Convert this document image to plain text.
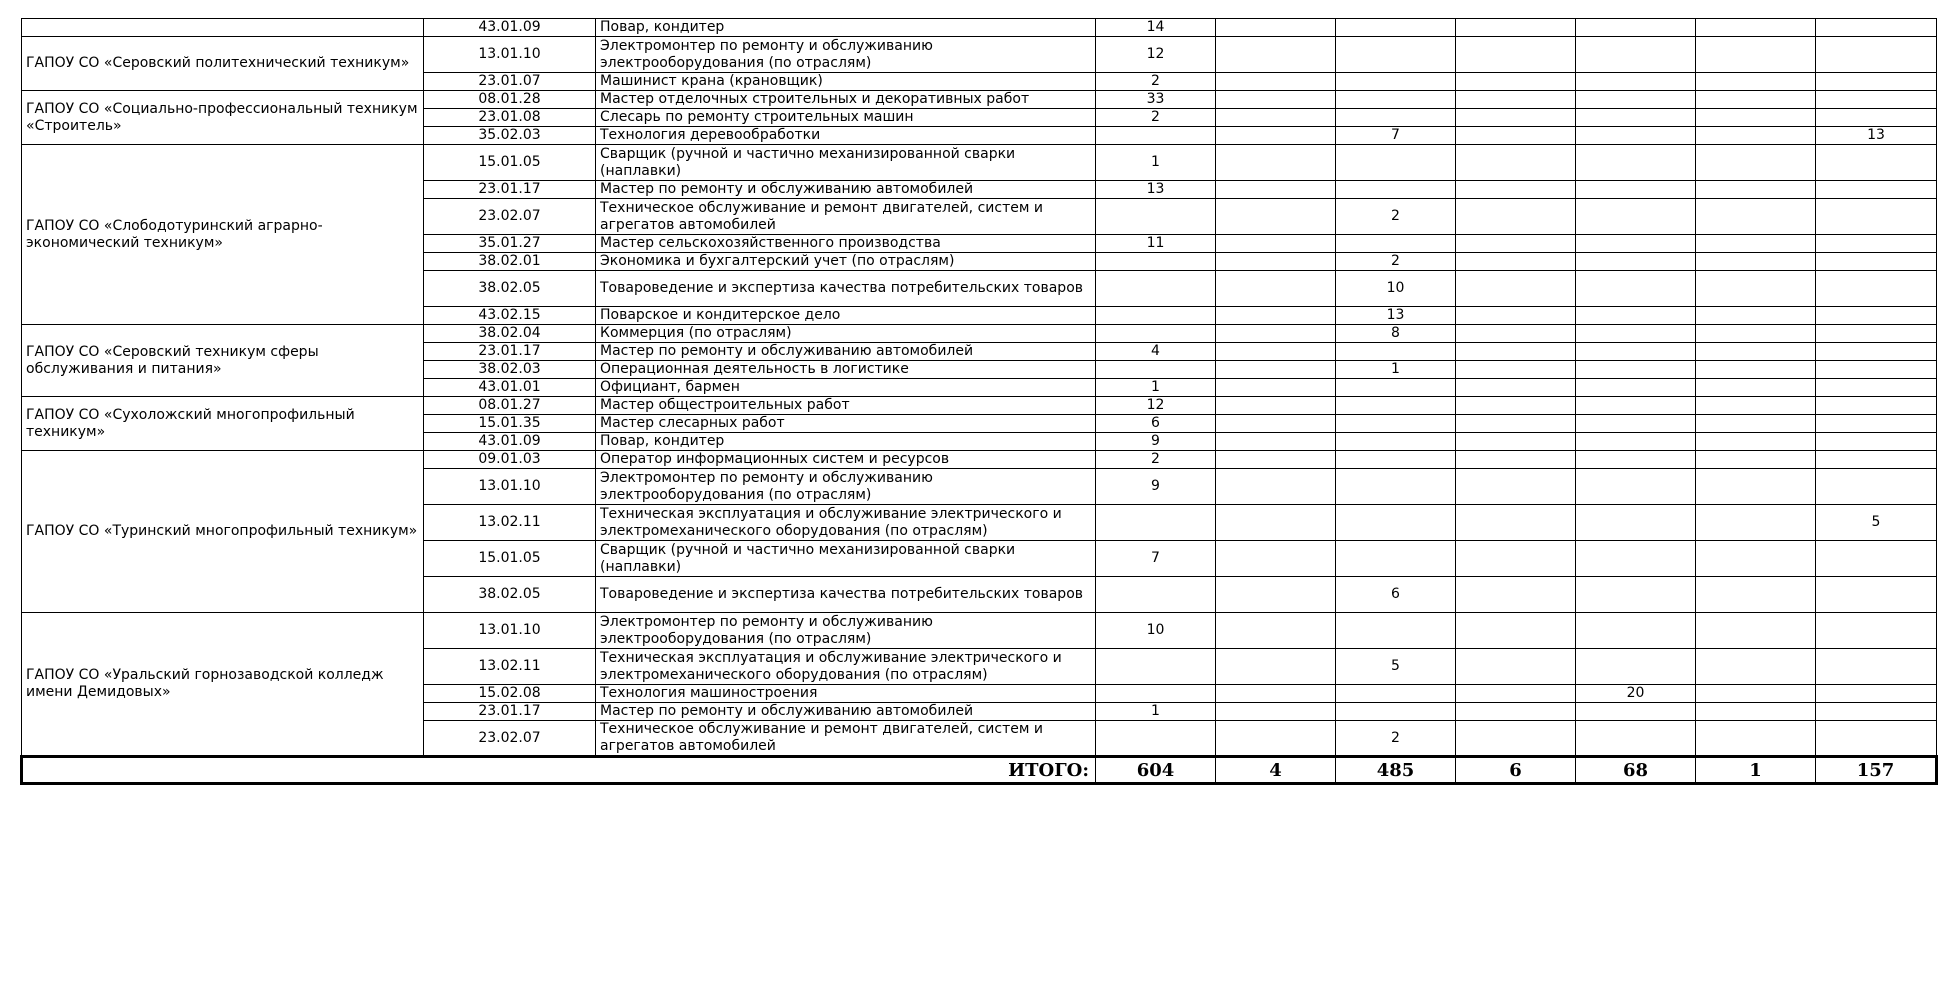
	43.01.09	Повар, кондитер	14						
ГАПОУ СО «Серовский политехнический техникум»	13.01.10	Электромонтер по ремонту и обслуживанию электрооборудования (по отраслям)	12						
	23.01.07	Машинист крана (крановщик)	2						
ГАПОУ СО «Социально-профессиональный техникум «Строитель»	08.01.28	Мастер отделочных строительных и декоративных работ	33						
	23.01.08	Слесарь по ремонту строительных машин	2						
	35.02.03	Технология деревообработки			7				13
ГАПОУ СО «Слободотуринский аграрно-экономический техникум»	15.01.05	Сварщик (ручной и частично механизированной сварки (наплавки)	1						
	23.01.17	Мастер по ремонту и обслуживанию автомобилей	13						
	23.02.07	Техническое обслуживание и ремонт двигателей, систем и агрегатов автомобилей			2				
	35.01.27	Мастер сельскохозяйственного производства	11						
	38.02.01	Экономика и бухгалтерский учет (по отраслям)			2				
	38.02.05	Товароведение и экспертиза качества потребительских товаров			10				
	43.02.15	Поварское и кондитерское дело			13				
ГАПОУ СО «Серовский техникум сферы обслуживания и питания»	38.02.04	Коммерция (по отраслям)			8				
	23.01.17	Мастер по ремонту и обслуживанию автомобилей	4						
	38.02.03	Операционная деятельность в логистике			1				
	43.01.01	Официант, бармен	1						
ГАПОУ СО «Сухоложский многопрофильный техникум»	08.01.27	Мастер общестроительных работ	12						
	15.01.35	Мастер слесарных работ	6						
	43.01.09	Повар, кондитер	9						
ГАПОУ СО «Туринский многопрофильный техникум»	09.01.03	Оператор информационных систем и ресурсов	2						
	13.01.10	Электромонтер по ремонту и обслуживанию электрооборудования (по отраслям)	9						
	13.02.11	Техническая эксплуатация и обслуживание электрического и электромеханического оборудования (по отраслям)							5
	15.01.05	Сварщик (ручной и частично механизированной сварки (наплавки)	7						
	38.02.05	Товароведение и экспертиза качества потребительских товаров			6				
ГАПОУ СО «Уральский горнозаводской колледж имени Демидовых»	13.01.10	Электромонтер по ремонту и обслуживанию электрооборудования (по отраслям)	10						
	13.02.11	Техническая эксплуатация и обслуживание электрического и электромеханического оборудования (по отраслям)			5				
	15.02.08	Технология машиностроения					20		
	23.01.17	Мастер по ремонту и обслуживанию автомобилей	1						
	23.02.07	Техническое обслуживание и ремонт двигателей, систем и агрегатов автомобилей			2				
ИТОГО:			604	4	485	6	68	1	157
